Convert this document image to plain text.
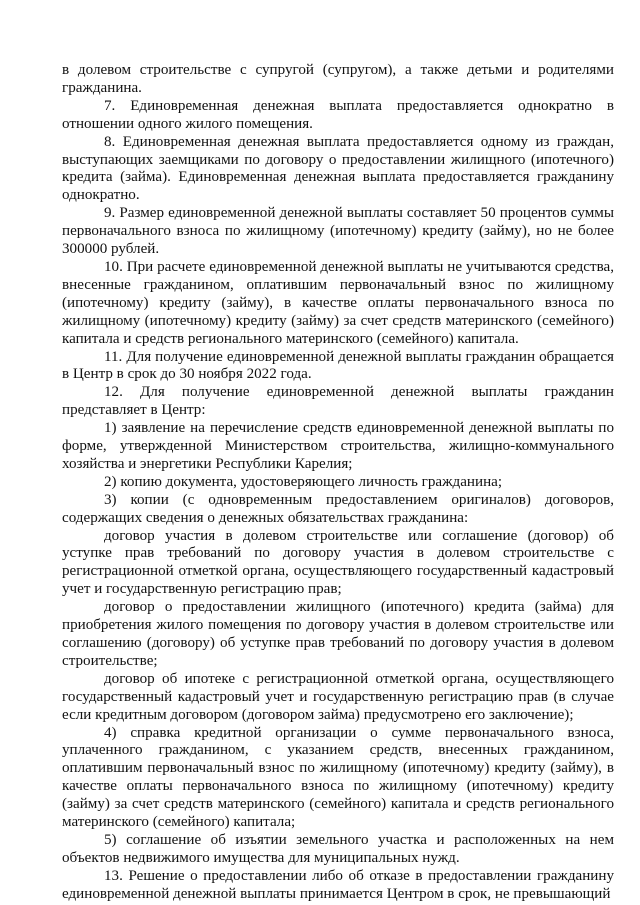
в долевом строительстве с супругой (супругом), а также детьми и родителями гражданина.

7. Единовременная денежная выплата предоставляется однократно в отношении одного жилого помещения.

8. Единовременная денежная выплата предоставляется одному из граждан, выступающих заемщиками по договору о предоставлении жилищного (ипотечного) кредита (займа). Единовременная денежная выплата предоставляется гражданину однократно.

9. Размер единовременной денежной выплаты составляет 50 процентов суммы первоначального взноса по жилищному (ипотечному) кредиту (займу), но не более 300000 рублей.

10. При расчете единовременной денежной выплаты не учитываются средства, внесенные гражданином, оплатившим первоначальный взнос по жилищному (ипотечному) кредиту (займу), в качестве оплаты первоначального взноса по жилищному (ипотечному) кредиту (займу) за счет средств материнского (семейного) капитала и средств регионального материнского (семейного) капитала.

11. Для получение единовременной денежной выплаты гражданин обращается в Центр в срок до 30 ноября 2022 года.

12. Для получение единовременной денежной выплаты гражданин представляет в Центр:

1) заявление на перечисление средств единовременной денежной выплаты по форме, утвержденной Министерством строительства, жилищно-коммунального хозяйства и энергетики Республики Карелия;

2) копию документа, удостоверяющего личность гражданина;

3) копии (с одновременным предоставлением оригиналов) договоров, содержащих сведения о денежных обязательствах гражданина:

договор участия в долевом строительстве или соглашение (договор) об уступке прав требований по договору участия в долевом строительстве с регистрационной отметкой органа, осуществляющего государственный кадастровый учет и государственную регистрацию прав;

договор о предоставлении жилищного (ипотечного) кредита (займа) для приобретения жилого помещения по договору участия в долевом строительстве или соглашению (договору) об уступке прав требований по договору участия в долевом строительстве;

договор об ипотеке с регистрационной отметкой органа, осуществляющего государственный кадастровый учет и государственную регистрацию прав (в случае если кредитным договором (договором займа) предусмотрено его заключение);

4) справка кредитной организации о сумме первоначального взноса, уплаченного гражданином, с указанием средств, внесенных гражданином, оплатившим первоначальный взнос по жилищному (ипотечному) кредиту (займу), в качестве оплаты первоначального взноса по жилищному (ипотечному) кредиту (займу) за счет средств материнского (семейного) капитала и средств регионального материнского (семейного) капитала;

5) соглашение об изъятии земельного участка и расположенных на нем объектов недвижимого имущества для муниципальных нужд.

13. Решение о предоставлении либо об отказе в предоставлении гражданину единовременной денежной выплаты принимается Центром в срок, не превышающий
